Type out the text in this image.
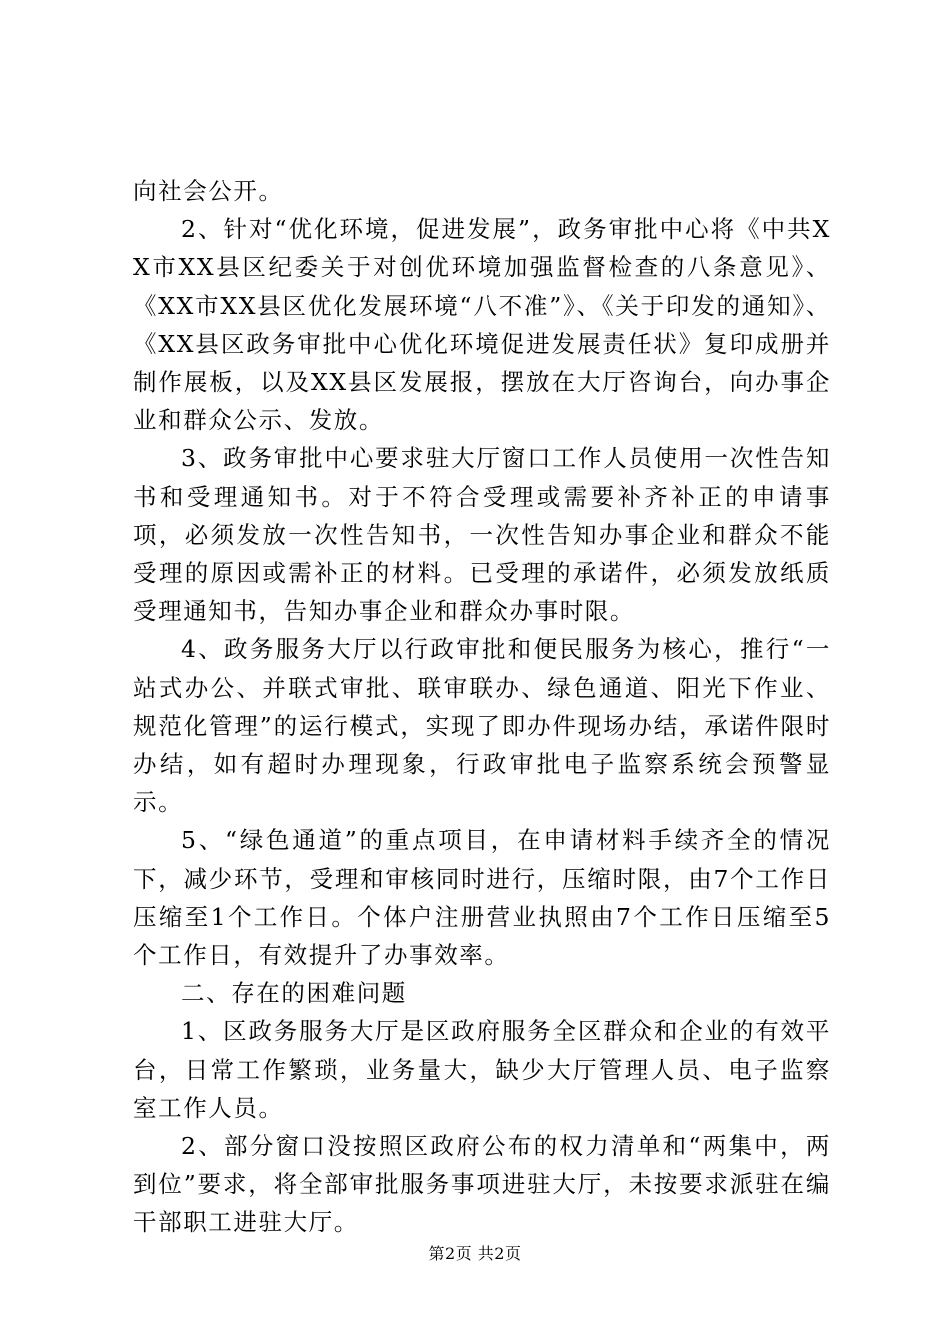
向社会公开。

2、针对“优化环境，促进发展”，政务审批中心将《中共XX市XX县区纪委关于对创优环境加强监督检查的八条意见》、《XX市XX县区优化发展环境“八不准”》、《关于印发的通知》、《XX县区政务审批中心优化环境促进发展责任状》复印成册并制作展板，以及XX县区发展报，摆放在大厅咨询台，向办事企业和群众公示、发放。

3、政务审批中心要求驻大厅窗口工作人员使用一次性告知书和受理通知书。对于不符合受理或需要补齐补正的申请事项，必须发放一次性告知书，一次性告知办事企业和群众不能受理的原因或需补正的材料。已受理的承诺件，必须发放纸质受理通知书，告知办事企业和群众办事时限。

4、政务服务大厅以行政审批和便民服务为核心，推行“一站式办公、并联式审批、联审联办、绿色通道、阳光下作业、规范化管理”的运行模式，实现了即办件现场办结，承诺件限时办结，如有超时办理现象，行政审批电子监察系统会预警显示。

5、“绿色通道”的重点项目，在申请材料手续齐全的情况下，减少环节，受理和审核同时进行，压缩时限，由7个工作日压缩至1个工作日。个体户注册营业执照由7个工作日压缩至5个工作日，有效提升了办事效率。

二、存在的困难问题

1、区政务服务大厅是区政府服务全区群众和企业的有效平台，日常工作繁琐，业务量大，缺少大厅管理人员、电子监察室工作人员。

2、部分窗口没按照区政府公布的权力清单和“两集中，两到位”要求，将全部审批服务事项进驻大厅，未按要求派驻在编干部职工进驻大厅。

第2页 共2页
